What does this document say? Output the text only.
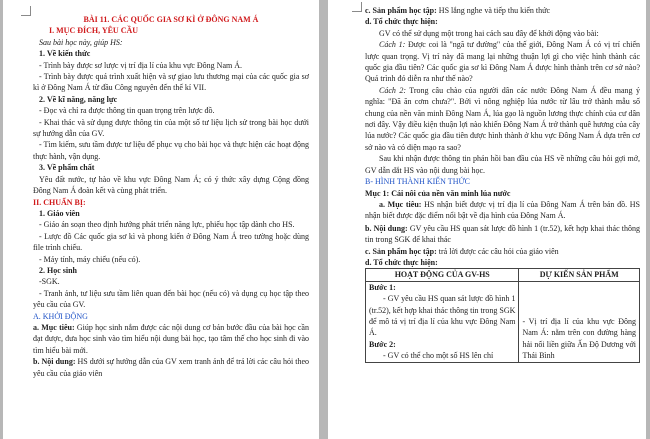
BÀI 11. CÁC QUỐC GIA SƠ KÌ Ở ĐÔNG NAM Á

I. MỤC ĐÍCH, YÊU CẦU

Sau bài học này, giúp HS:

1. Về kiến thức

- Trình bày được sơ lược vị trí địa lí của khu vực Đông Nam Á.

- Trình bày được quá trình xuất hiện và sự giao lưu thương mại của các quốc gia sơ kì ở Đông Nam Á từ đầu Công nguyên đến thế kỉ VII.

2. Về kĩ năng, năng lực

- Đọc và chỉ ra được thông tin quan trọng trên lược đồ.

- Khai thác và sử dụng được thông tin của một số tư liệu lịch sử trong bài học dưới sự hướng dẫn của GV.

- Tìm kiếm, sưu tầm được tư liệu để phục vụ cho bài học và thực hiện các hoạt động thực hành, vận dụng.

3. Về phẩm chất

Yêu đất nước, tự hào về khu vực Đông Nam Á; có ý thức xây dựng Cộng đồng Đông Nam Á đoàn kết và cùng phát triển.

II. CHUẨN BỊ:

1. Giáo viên

- Giáo án soạn theo định hướng phát triển năng lực, phiếu học tập dành cho HS.

- Lược đồ Các quốc gia sơ kì và phong kiến ở Đông Nam Á treo tường hoặc dùng file trình chiếu.

- Máy tính, máy chiếu (nếu có).

2. Học sinh

-SGK.

- Tranh ảnh, tư liệu sưu tầm liên quan đến bài học (nếu có) và dụng cụ học tập theo yêu cầu của GV.

A. KHỞI ĐỘNG

a. Mục tiêu: Giúp học sinh nắm được các nội dung cơ bản bước đầu của bài học cần đạt được, đưa học sinh vào tìm hiểu nội dung bài học, tạo tâm thế cho học sinh đi vào tìm hiểu bài mới.

b. Nội dung: HS dưới sự hướng dẫn của GV xem tranh ảnh để trả lời các câu hỏi theo yêu cầu của giáo viên

c. Sản phẩm học tập: HS lắng nghe và tiếp thu kiến thức

d. Tổ chức thực hiện:

GV có thể sử dụng một trong hai cách sau đây để khởi động vào bài:

Cách 1: Được coi là "ngã tư đường" của thế giới, Đông Nam Á có vị trí chiến lược quan trọng. Vị trí này đã mang lại những thuận lợi gì cho việc hình thành các quốc gia đầu tiên? Các quốc gia sơ kì Đông Nam Á được hình thành trên cơ sở nào? Quá trình đó diễn ra như thế nào?

Cách 2: Trong câu chào của người dân các nước Đông Nam Á đều mang ý nghĩa: "Đã ăn cơm chưa?". Bởi vì nông nghiệp lúa nước từ lâu trở thành mẫu số chung của nền văn minh Đông Nam Á, lúa gạo là nguồn lương thực chính của cư dân nơi đây. Vậy điều kiện thuận lợi nào khiến Đông Nam Á trở thành quê hương của cây lúa nước? Các quốc gia đầu tiên được hình thành ở khu vực Đông Nam Á dựa trên cơ sở nào và có diện mạo ra sao?

Sau khi nhận được thông tin phản hồi ban đầu của HS về những câu hỏi gợi mở, GV dẫn dắt HS vào nội dung bài học.

B- HÌNH THÀNH KIẾN THỨC

Mục 1: Cái nôi của nền văn minh lúa nước

a. Mục tiêu: HS nhận biết được vị trí địa lí của Đông Nam Á trên bản đồ. HS nhận biết được đặc điểm nổi bật về địa hình của Đông Nam Á.

b. Nội dung: GV yêu cầu HS quan sát lược đồ hình 1 (tr.52), kết hợp khai thác thông tin trong SGK để khai thác

c. Sản phẩm học tập: trả lời được các câu hỏi của giáo viên

d. Tổ chức thực hiện:

HOẠT ĐỘNG CỦA GV-HS	DỰ KIẾN SẢN PHẨM

Bước 1:

- GV yêu cầu HS quan sát lược đồ hình 1 (tr.52), kết hợp khai thác thông tin trong SGK để mô tả vị trí địa lí của khu vực Đông Nam Á.

Bước 2:

- GV có thể cho một số HS lên chỉ	- Vị trí địa lí của khu vực Đông Nam Á: nằm trên con đường hàng hải nối liền giữa Ấn Độ Dương với Thái Bình
